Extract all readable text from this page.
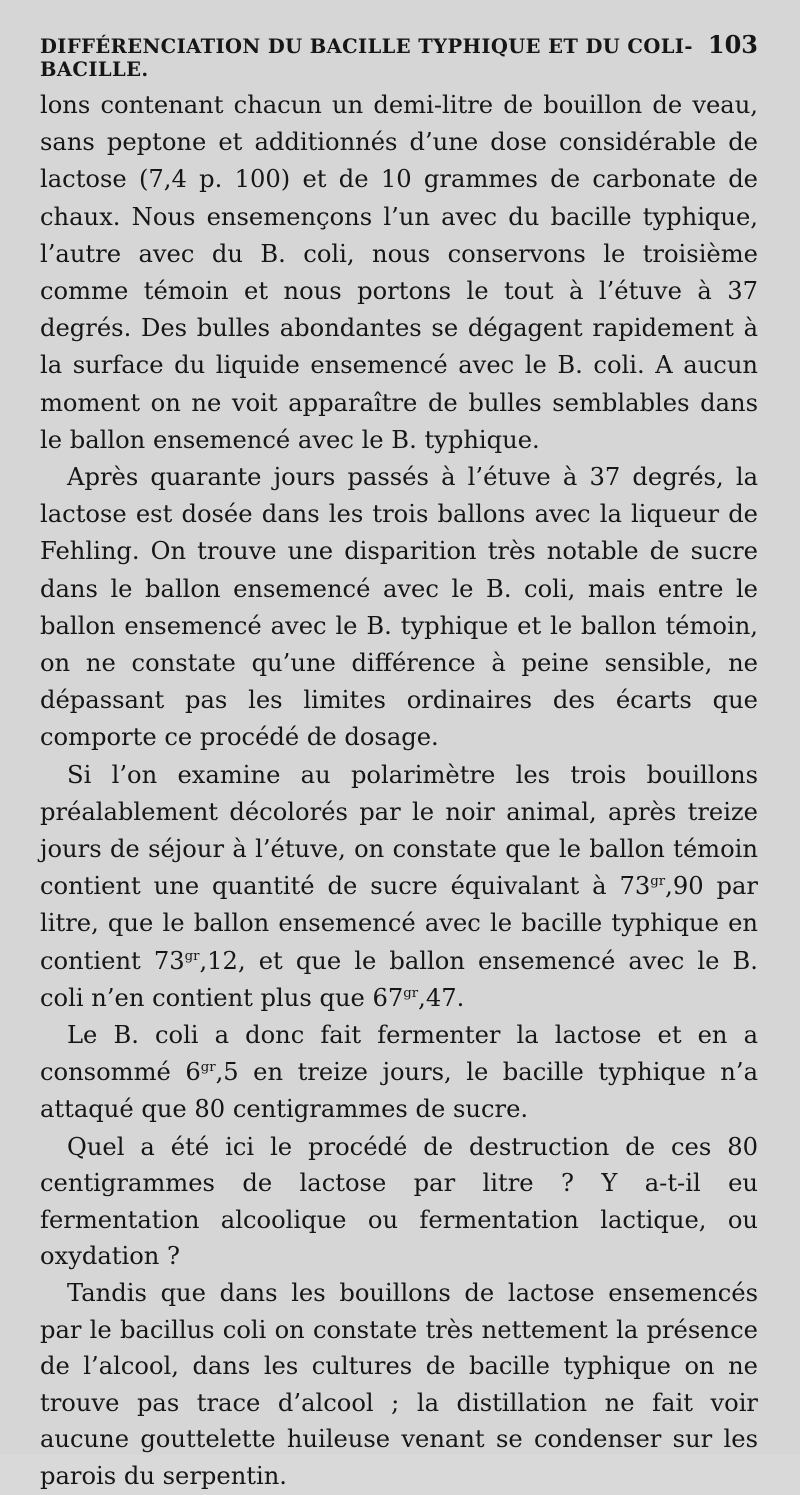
DIFFÉRENCIATION DU BACILLE TYPHIQUE ET DU COLI-BACILLE.
103

lons contenant chacun un demi-litre de bouillon de veau, sans peptone et additionnés d’une dose considérable de lactose (7,4 p. 100) et de 10 grammes de carbonate de chaux. Nous ensemençons l’un avec du bacille typhique, l’autre avec du B. coli, nous conservons le troisième comme témoin et nous portons le tout à l’étuve à 37 degrés. Des bulles abondantes se dégagent rapidement à la surface du liquide ensemencé avec le B. coli. A aucun moment on ne voit apparaître de bulles semblables dans le ballon ensemencé avec le B. typhique.

Après quarante jours passés à l’étuve à 37 degrés, la lactose est dosée dans les trois ballons avec la liqueur de Fehling. On trouve une disparition très notable de sucre dans le ballon ensemencé avec le B. coli, mais entre le ballon ensemencé avec le B. typhique et le ballon témoin, on ne constate qu’une différence à peine sensible, ne dépassant pas les limites ordinaires des écarts que comporte ce procédé de dosage.

Si l’on examine au polarimètre les trois bouillons préalablement décolorés par le noir animal, après treize jours de séjour à l’étuve, on constate que le ballon témoin contient une quantité de sucre équivalant à $73^{gr},90$ par litre, que le ballon ensemencé avec le bacille typhique en contient $73^{gr},12$, et que le ballon ensemencé avec le B. coli n’en contient plus que $67^{gr},47$.

Le B. coli a donc fait fermenter la lactose et en a consommé $6^{gr},5$ en treize jours, le bacille typhique n’a attaqué que 80 centigrammes de sucre.

Quel a été ici le procédé de destruction de ces 80 centigrammes de lactose par litre ? Y a-t-il eu fermentation alcoolique ou fermentation lactique, ou oxydation ?

Tandis que dans les bouillons de lactose ensemencés par le bacillus coli on constate très nettement la présence de l’alcool, dans les cultures de bacille typhique on ne trouve pas trace d’alcool ; la distillation ne fait voir aucune gouttelette huileuse venant se condenser sur les parois du serpentin.
